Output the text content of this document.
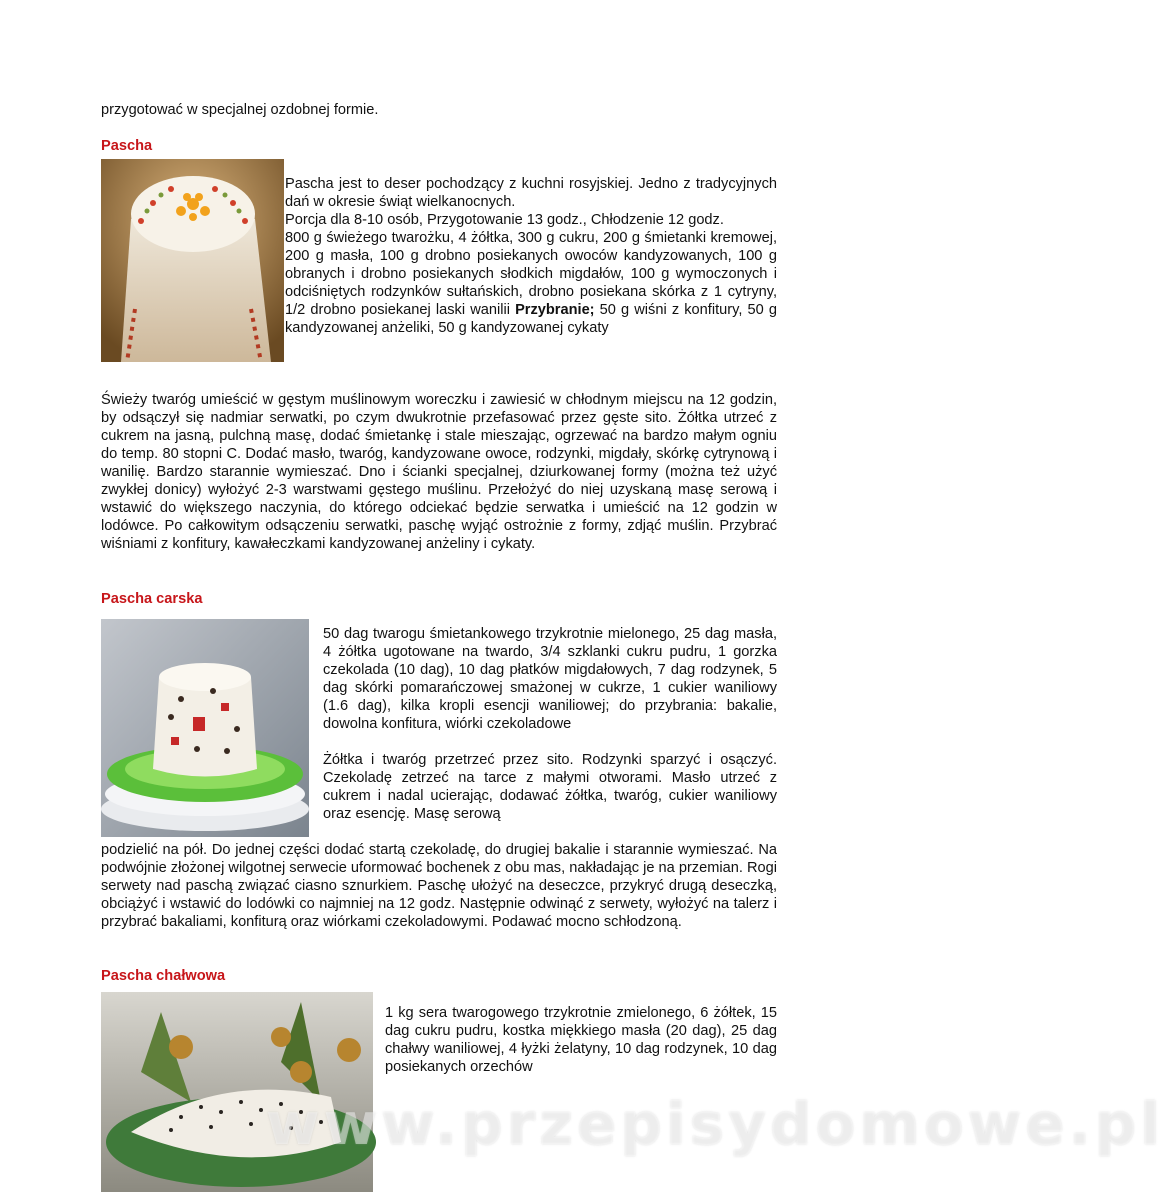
przygotować w specjalnej ozdobnej formie.

Pascha

Pascha jest to deser pochodzący z kuchni rosyjskiej. Jedno z tradycyjnych dań w okresie świąt wielkanocnych.

Porcja dla 8-10 osób, Przygotowanie 13 godz., Chłodzenie 12 godz.

800 g świeżego twarożku, 4 żółtka, 300 g cukru, 200 g śmietanki kremowej, 200 g masła, 100 g drobno posiekanych owoców kandyzowanych, 100 g obranych i drobno posiekanych słodkich migdałów, 100 g wymoczonych i odciśniętych rodzynków sułtańskich, drobno posiekana skórka z 1 cytryny, 1/2 drobno posiekanej laski wanilii Przybranie; 50 g wiśni z konfitury, 50 g kandyzowanej anżeliki, 50 g kandyzowanej cykaty

Świeży twaróg umieścić w gęstym muślinowym woreczku i zawiesić w chłodnym miejscu na 12 godzin, by odsączył się nadmiar serwatki, po czym dwukrotnie przefasować przez gęste sito. Żółtka utrzeć z cukrem na jasną, pulchną masę, dodać śmietankę i stale mieszając, ogrzewać na bardzo małym ogniu do temp. 80 stopni C. Dodać masło, twaróg, kandyzowane owoce, rodzynki, migdały, skórkę cytrynową i wanilię. Bardzo starannie wymieszać. Dno i ścianki specjalnej, dziurkowanej formy (można też użyć zwykłej donicy) wyłożyć 2-3 warstwami gęstego muślinu. Przełożyć do niej uzyskaną masę serową i wstawić do większego naczynia, do którego odciekać będzie serwatka i umieścić na 12 godzin w lodówce. Po całkowitym odsączeniu serwatki, paschę wyjąć ostrożnie z formy, zdjąć muślin. Przybrać wiśniami z konfitury, kawałeczkami kandyzowanej anżeliny i cykaty.

Pascha carska

50 dag twarogu śmietankowego trzykrotnie mielonego, 25 dag masła, 4 żółtka ugotowane na twardo, 3/4 szklanki cukru pudru, 1 gorzka czekolada (10 dag), 10 dag płatków migdałowych, 7 dag rodzynek, 5 dag skórki pomarańczowej smażonej w cukrze, 1 cukier waniliowy (1.6 dag), kilka kropli esencji waniliowej; do przybrania: bakalie, dowolna konfitura, wiórki czekoladowe

Żółtka i twaróg przetrzeć przez sito. Rodzynki sparzyć i osączyć. Czekoladę zetrzeć na tarce z małymi otworami. Masło utrzeć z cukrem i nadal ucierając, dodawać żółtka, twaróg, cukier waniliowy oraz esencję. Masę serową

podzielić na pół. Do jednej części dodać startą czekoladę, do drugiej bakalie i starannie wymieszać. Na podwójnie złożonej wilgotnej serwecie uformować bochenek z obu mas, nakładając je na przemian. Rogi serwety nad paschą związać ciasno sznurkiem. Paschę ułożyć na deseczce, przykryć drugą deseczką, obciążyć i wstawić do lodówki co najmniej na 12 godz. Następnie odwinąć z serwety, wyłożyć na talerz i przybrać bakaliami, konfiturą oraz wiórkami czekoladowymi. Podawać mocno schłodzoną.

Pascha chałwowa

1 kg sera twarogowego trzykrotnie zmielonego, 6 żółtek, 15 dag cukru pudru, kostka miękkiego masła (20 dag), 25 dag chałwy waniliowej, 4 łyżki żelatyny, 10 dag rodzynek, 10 dag posiekanych orzechów

www.przepisydomowe.pl
